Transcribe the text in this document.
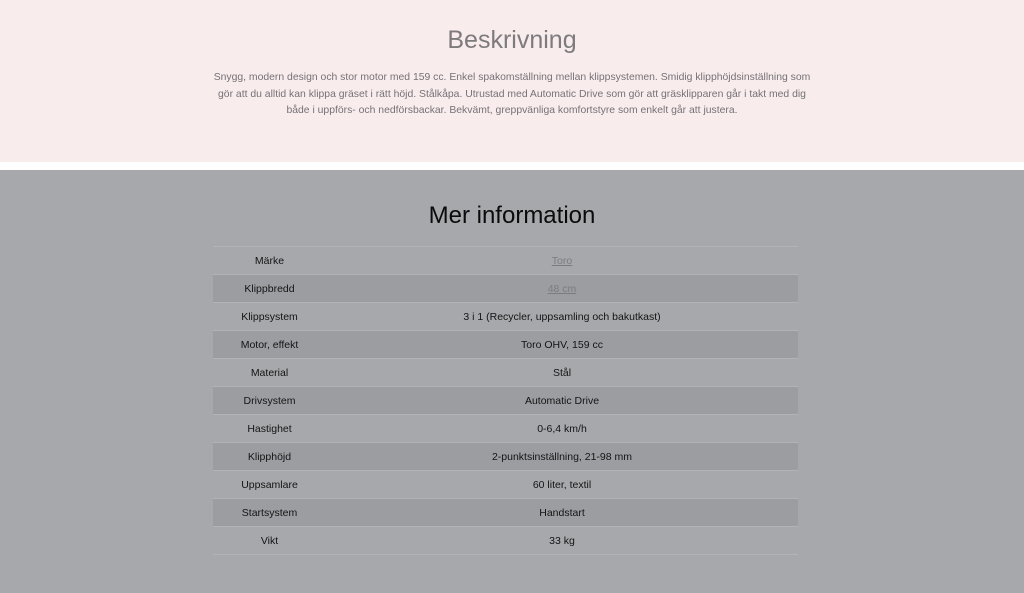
Beskrivning

Snygg, modern design och stor motor med 159 cc. Enkel spakomställning mellan klippsystemen. Smidig klipphöjdsinställning som gör att du alltid kan klippa gräset i rätt höjd. Stålkåpa. Utrustad med Automatic Drive som gör att gräsklipparen går i takt med dig både i uppförs- och nedförsbackar. Bekvämt, greppvänliga komfortstyre som enkelt går att justera.

Mer information
Märke	Toro
Klippbredd	48 cm
Klippsystem	3 i 1 (Recycler, uppsamling och bakutkast)
Motor, effekt	Toro OHV, 159 cc
Material	Stål
Drivsystem	Automatic Drive
Hastighet	0-6,4 km/h
Klipphöjd	2-punktsinställning, 21-98 mm
Uppsamlare	60 liter, textil
Startsystem	Handstart
Vikt	33 kg
